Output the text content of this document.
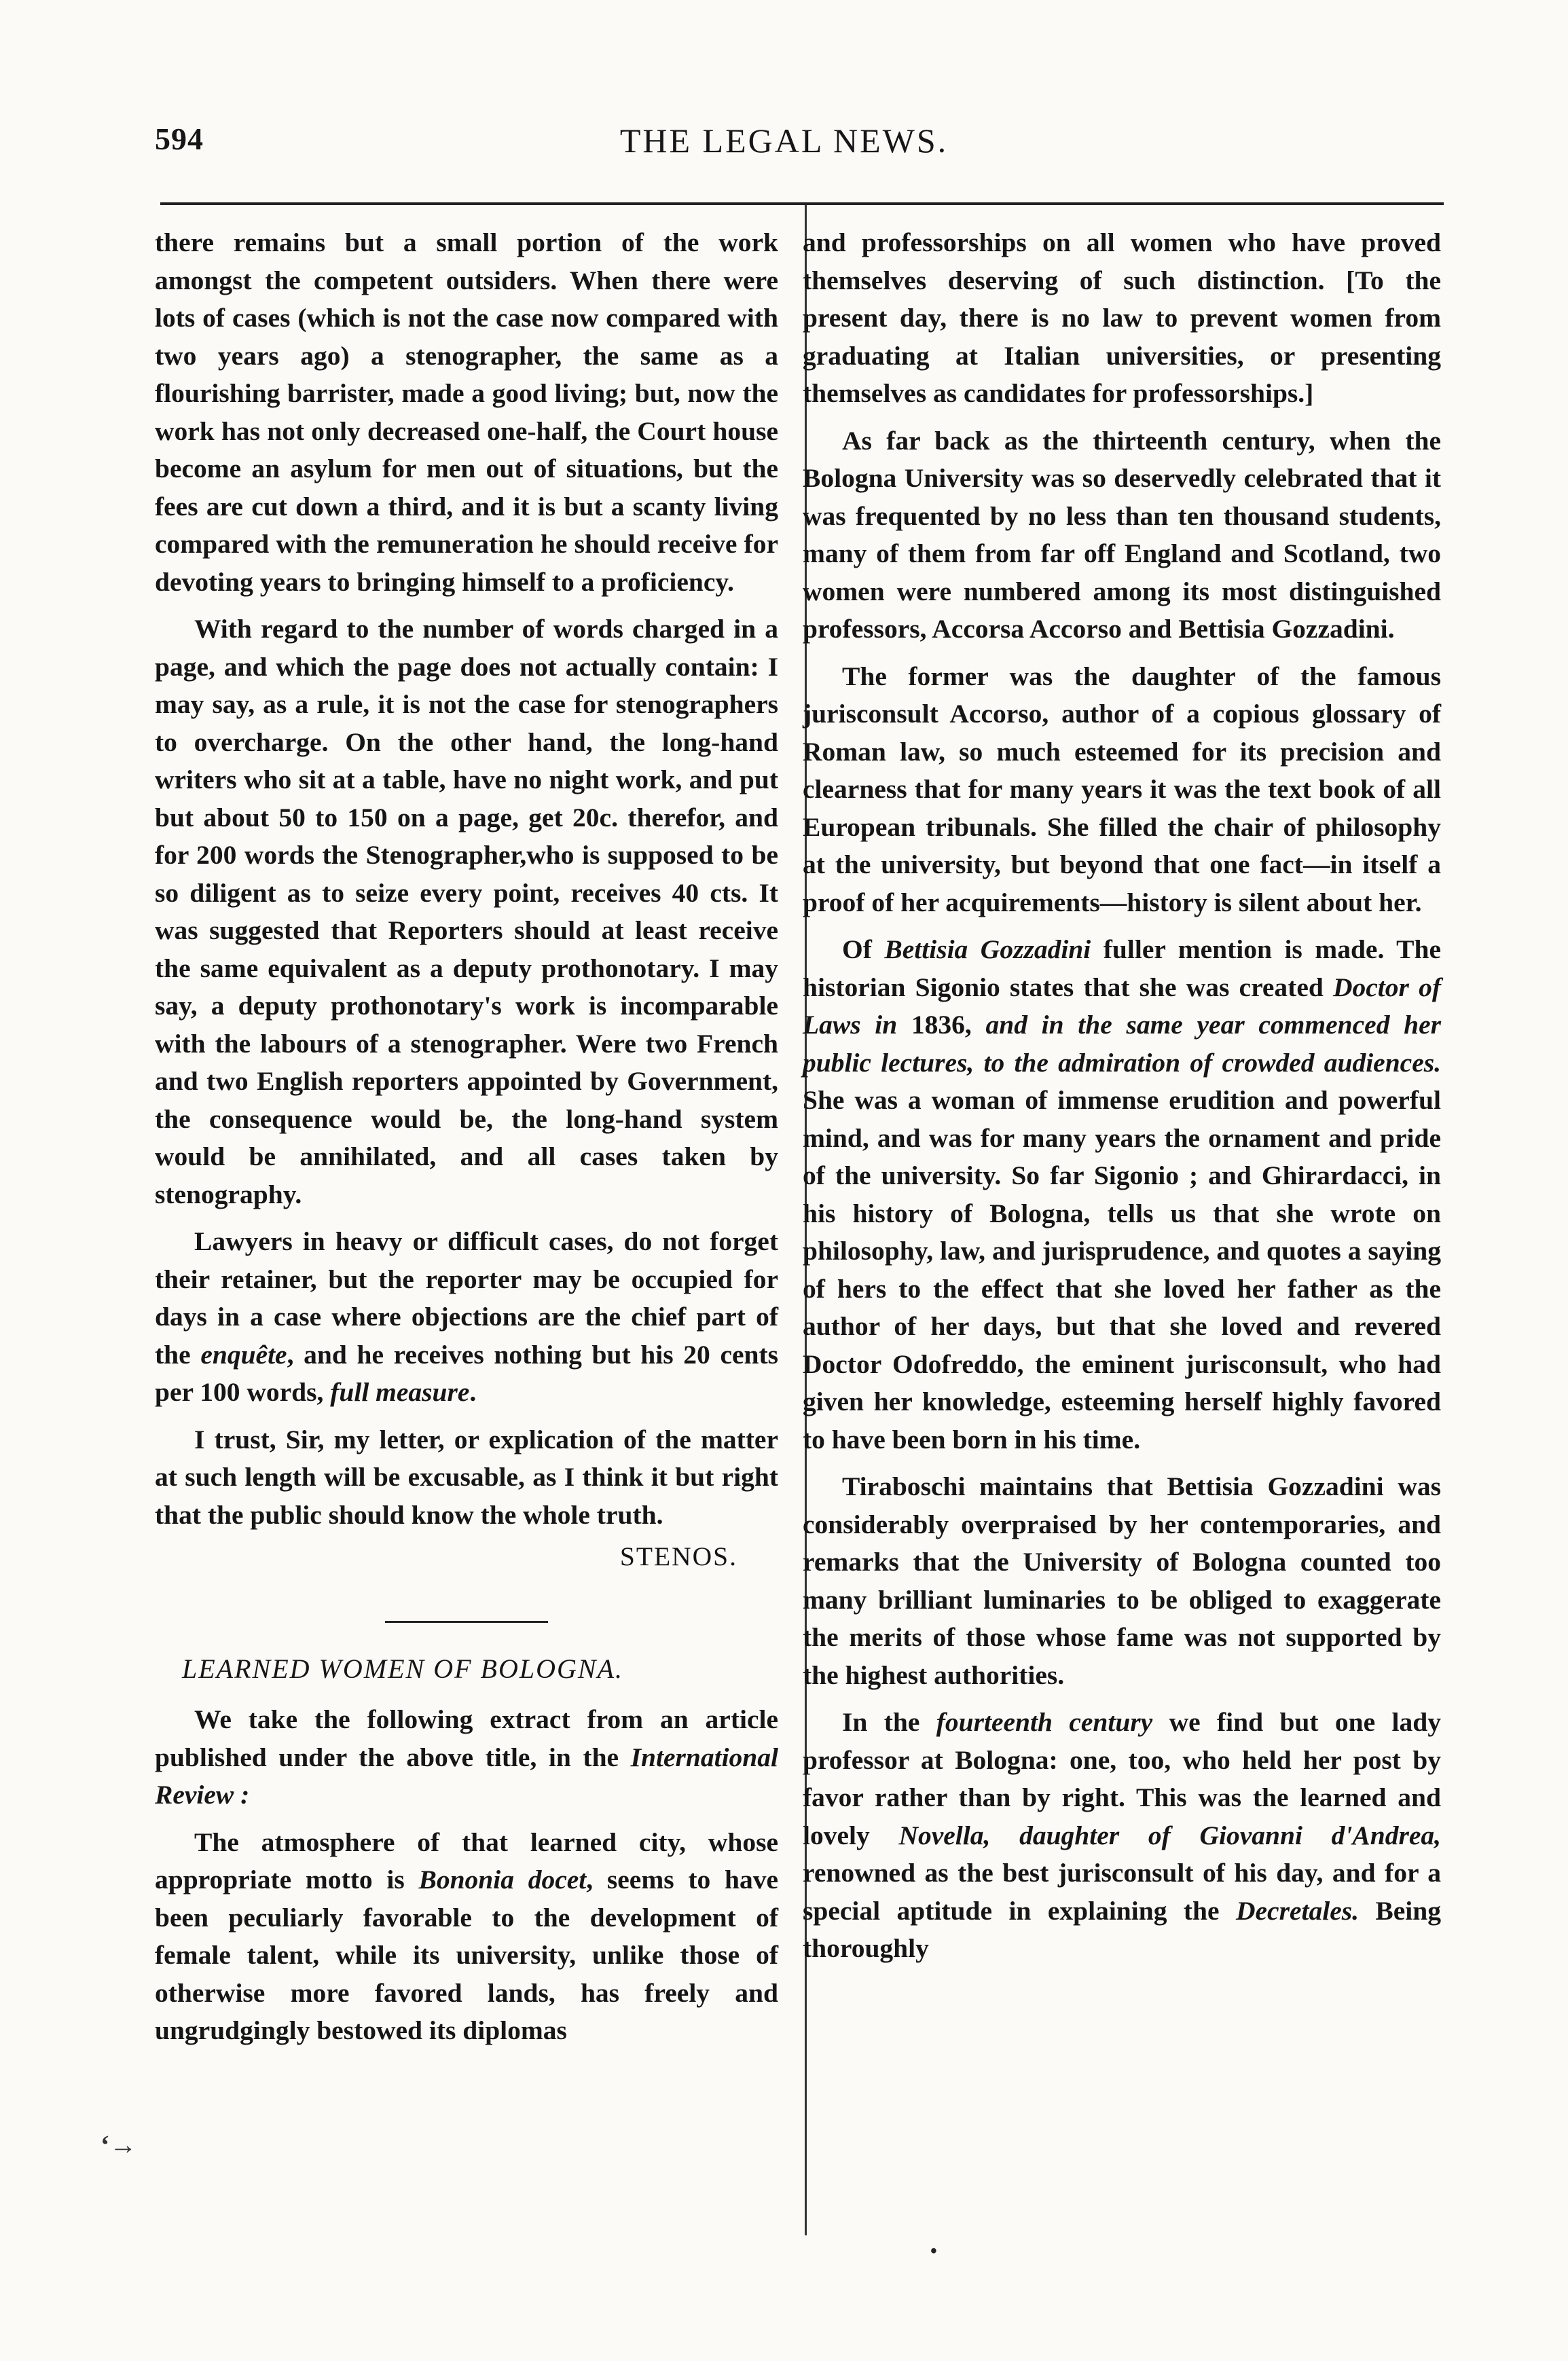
594	THE LEGAL NEWS.

there remains but a small portion of the work amongst the competent outsiders. When there were lots of cases (which is not the case now compared with two years ago) a stenographer, the same as a flourishing barrister, made a good living; but, now the work has not only decreased one-half, the Court house become an asylum for men out of situations, but the fees are cut down a third, and it is but a scanty living compared with the remuneration he should receive for devoting years to bringing himself to a proficiency.

With regard to the number of words charged in a page, and which the page does not actually contain: I may say, as a rule, it is not the case for stenographers to overcharge. On the other hand, the long-hand writers who sit at a table, have no night work, and put but about 50 to 150 on a page, get 20c. therefor, and for 200 words the Stenographer,who is supposed to be so diligent as to seize every point, receives 40 cts. It was suggested that Reporters should at least receive the same equivalent as a deputy prothonotary. I may say, a deputy prothonotary's work is incomparable with the labours of a stenographer. Were two French and two English reporters appointed by Government, the consequence would be, the long-hand system would be annihilated, and all cases taken by stenography.

Lawyers in heavy or difficult cases, do not forget their retainer, but the reporter may be occupied for days in a case where objections are the chief part of the enquête, and he receives nothing but his 20 cents per 100 words, full measure.

I trust, Sir, my letter, or explication of the matter at such length will be excusable, as I think it but right that the public should know the whole truth.

STENOS.
LEARNED WOMEN OF BOLOGNA.

We take the following extract from an article published under the above title, in the International Review :

The atmosphere of that learned city, whose appropriate motto is Bononia docet, seems to have been peculiarly favorable to the development of female talent, while its university, unlike those of otherwise more favored lands, has freely and ungrudgingly bestowed its diplomas

and professorships on all women who have proved themselves deserving of such distinction. [To the present day, there is no law to prevent women from graduating at Italian universities, or presenting themselves as candidates for professorships.]

As far back as the thirteenth century, when the Bologna University was so deservedly celebrated that it was frequented by no less than ten thousand students, many of them from far off England and Scotland, two women were numbered among its most distinguished professors, Accorsa Accorso and Bettisia Gozzadini.

The former was the daughter of the famous jurisconsult Accorso, author of a copious glossary of Roman law, so much esteemed for its precision and clearness that for many years it was the text book of all European tribunals. She filled the chair of philosophy at the university, but beyond that one fact—in itself a proof of her acquirements—history is silent about her.

Of Bettisia Gozzadini fuller mention is made. The historian Sigonio states that she was created Doctor of Laws in 1836, and in the same year commenced her public lectures, to the admiration of crowded audiences. She was a woman of immense erudition and powerful mind, and was for many years the ornament and pride of the university. So far Sigonio ; and Ghirardacci, in his history of Bologna, tells us that she wrote on philosophy, law, and jurisprudence, and quotes a saying of hers to the effect that she loved her father as the author of her days, but that she loved and revered Doctor Odofreddo, the eminent jurisconsult, who had given her knowledge, esteeming herself highly favored to have been born in his time.

Tiraboschi maintains that Bettisia Gozzadini was considerably overpraised by her contemporaries, and remarks that the University of Bologna counted too many brilliant luminaries to be obliged to exaggerate the merits of those whose fame was not supported by the highest authorities.

In the fourteenth century we find but one lady professor at Bologna: one, too, who held her post by favor rather than by right. This was the learned and lovely Novella, daughter of Giovanni d'Andrea, renowned as the best jurisconsult of his day, and for a special aptitude in explaining the Decretales. Being thoroughly

‘→
•
